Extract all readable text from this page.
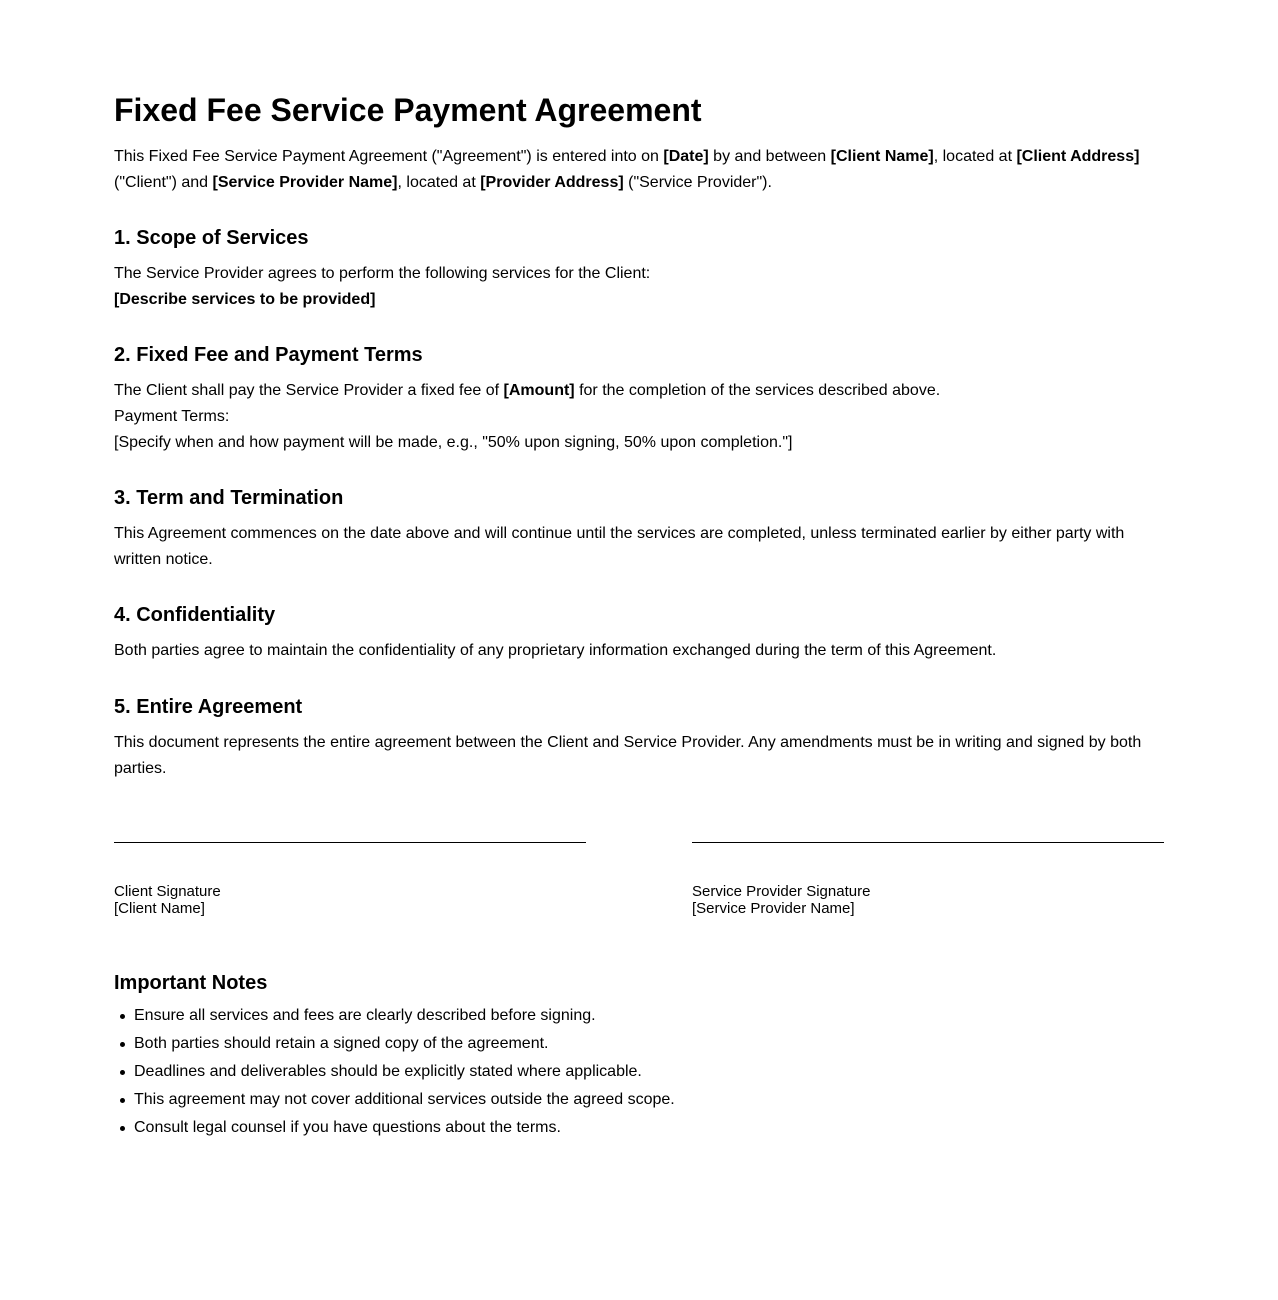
Fixed Fee Service Payment Agreement
This Fixed Fee Service Payment Agreement ("Agreement") is entered into on [Date] by and between [Client Name], located at [Client Address]
("Client") and [Service Provider Name], located at [Provider Address] ("Service Provider").
1. Scope of Services
The Service Provider agrees to perform the following services for the Client:
[Describe services to be provided]
2. Fixed Fee and Payment Terms
The Client shall pay the Service Provider a fixed fee of [Amount] for the completion of the services described above.
Payment Terms:
[Specify when and how payment will be made, e.g., "50% upon signing, 50% upon completion."]
3. Term and Termination
This Agreement commences on the date above and will continue until the services are completed, unless terminated earlier by either party with
written notice.
4. Confidentiality
Both parties agree to maintain the confidentiality of any proprietary information exchanged during the term of this Agreement.
5. Entire Agreement
This document represents the entire agreement between the Client and Service Provider. Any amendments must be in writing and signed by both
parties.
Client Signature
[Client Name]
Service Provider Signature
[Service Provider Name]
Important Notes
Ensure all services and fees are clearly described before signing.
Both parties should retain a signed copy of the agreement.
Deadlines and deliverables should be explicitly stated where applicable.
This agreement may not cover additional services outside the agreed scope.
Consult legal counsel if you have questions about the terms.
